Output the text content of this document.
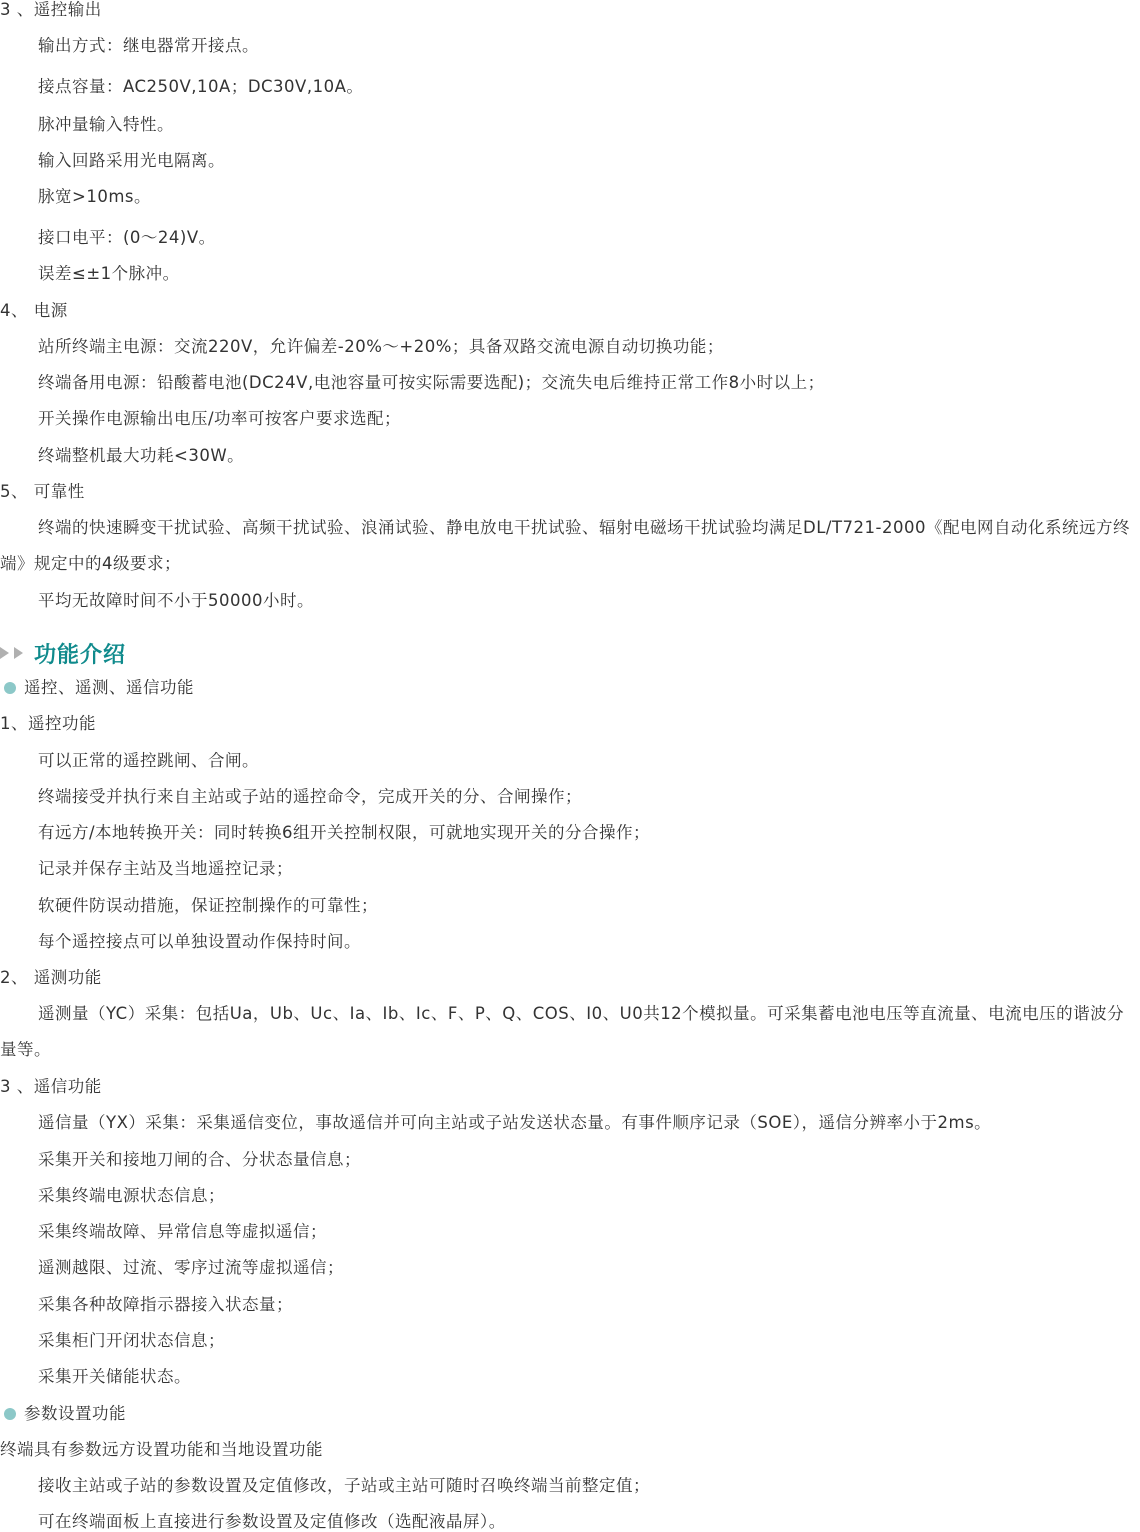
3 、遥控输出
输出方式：继电器常开接点。
接点容量：AC250V,10A；DC30V,10A。
脉冲量输入特性。
输入回路采用光电隔离。
脉宽>10ms。
接口电平：(0～24)V。
误差≤±1个脉冲。
4、 电源
站所终端主电源：交流220V，允许偏差-20%～+20%；具备双路交流电源自动切换功能；
终端备用电源：铅酸蓄电池(DC24V,电池容量可按实际需要选配)；交流失电后维持正常工作8小时以上；
开关操作电源输出电压/功率可按客户要求选配；
终端整机最大功耗<30W。
5、 可靠性
终端的快速瞬变干扰试验、高频干扰试验、浪涌试验、静电放电干扰试验、辐射电磁场干扰试验均满足DL/T721-2000《配电网自动化系统远方终端》规定中的4级要求；
平均无故障时间不小于50000小时。
功能介绍
遥控、遥测、遥信功能
1、遥控功能
可以正常的遥控跳闸、合闸。
终端接受并执行来自主站或子站的遥控命令，完成开关的分、合闸操作；
有远方/本地转换开关：同时转换6组开关控制权限，可就地实现开关的分合操作；
记录并保存主站及当地遥控记录；
软硬件防误动措施，保证控制操作的可靠性；
每个遥控接点可以单独设置动作保持时间。
2、 遥测功能
遥测量（YC）采集：包括Ua，Ub、Uc、Ia、Ib、Ic、F、P、Q、COS、I0、U0共12个模拟量。可采集蓄电池电压等直流量、电流电压的谐波分量等。
3 、遥信功能
遥信量（YX）采集：采集遥信变位，事故遥信并可向主站或子站发送状态量。有事件顺序记录（SOE），遥信分辨率小于2ms。
采集开关和接地刀闸的合、分状态量信息；
采集终端电源状态信息；
采集终端故障、异常信息等虚拟遥信；
遥测越限、过流、零序过流等虚拟遥信；
采集各种故障指示器接入状态量；
采集柜门开闭状态信息；
采集开关储能状态。
参数设置功能
终端具有参数远方设置功能和当地设置功能
接收主站或子站的参数设置及定值修改，子站或主站可随时召唤终端当前整定值；
可在终端面板上直接进行参数设置及定值修改（选配液晶屏）。
